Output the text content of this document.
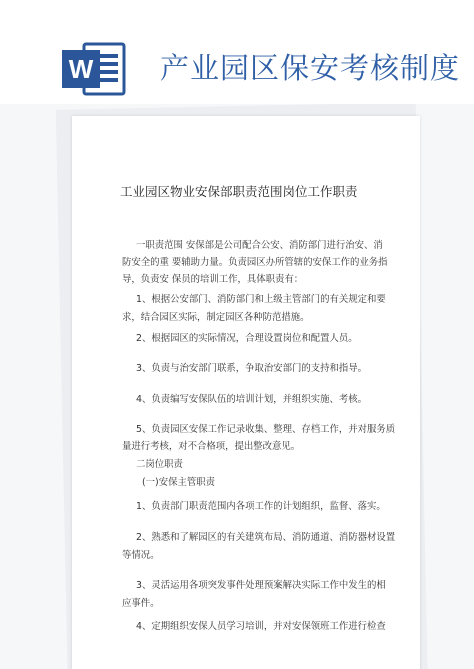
W 产业园区保安考核制度
工业园区物业安保部职责范围岗位工作职责
一职责范围 安保部是公司配合公安、消防部门进行治安、消
防安全的重 要辅助力量。负责园区办所管辖的安保工作的业务指
导，负责安 保员的培训工作，具体职责有：
1、根据公安部门、消防部门和上级主管部门的有关规定和要
求，结合园区实际，制定园区各种防范措施。
2、根据园区的实际情况，合理设置岗位和配置人员。
3、负责与治安部门联系，争取治安部门的支持和指导。
4、负责编写安保队伍的培训计划，并组织实施、考核。
5、负责园区安保工作记录收集、整理、存档工作，并对服务质
量进行考核，对不合格项，提出整改意见。
二岗位职责
(一)安保主管职责
1、负责部门职责范围内各项工作的计划组织，监督、落实。
2、熟悉和了解园区的有关建筑布局、消防通道、消防器材设置
等情况。
3、灵活运用各项突发事件处理预案解决实际工作中发生的相
应事件。
4、定期组织安保人员学习培训，并对安保领班工作进行检查
